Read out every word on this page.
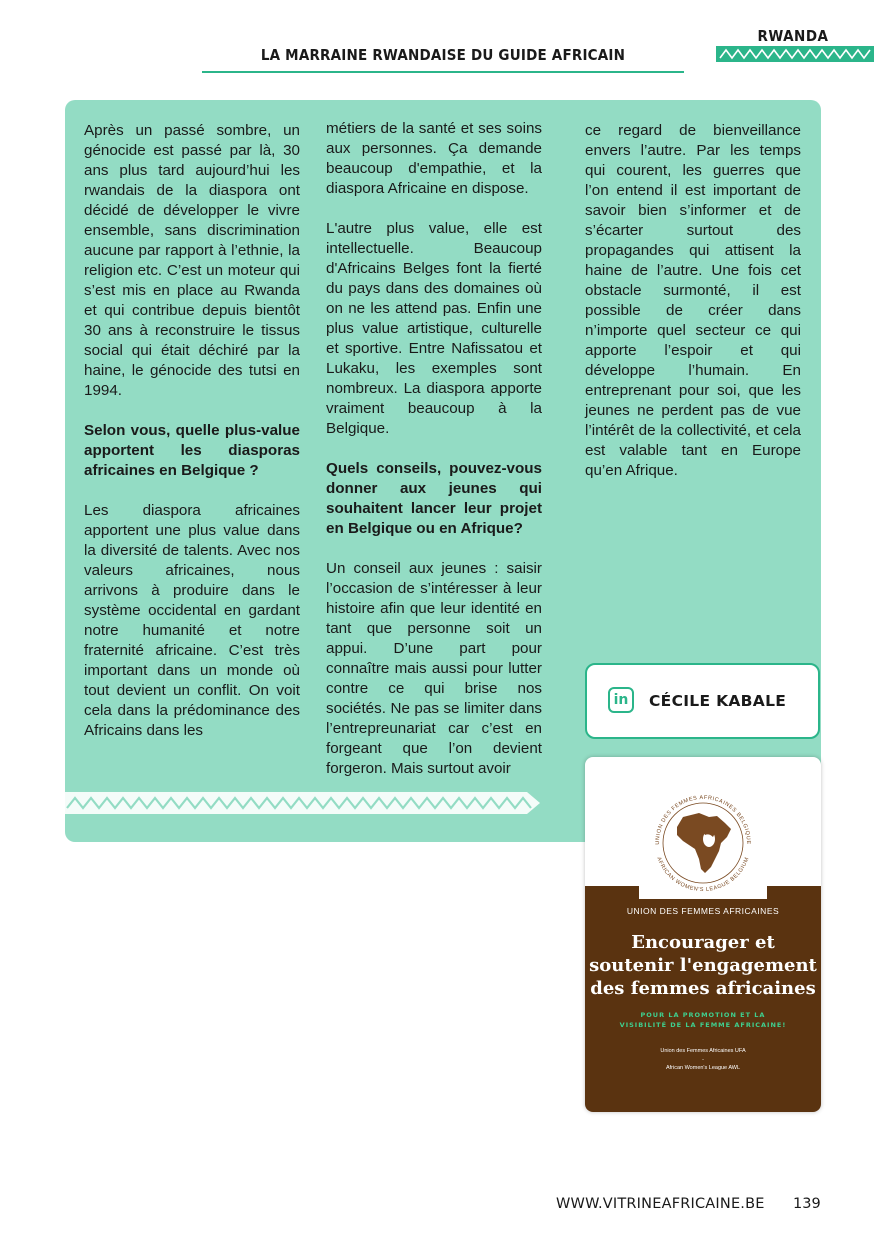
LA MARRAINE RWANDAISE DU GUIDE AFRICAIN
RWANDA

Après un passé sombre, un génocide est passé par là, 30 ans plus tard aujourd’hui les rwandais de la diaspora ont décidé de développer le vivre ensemble, sans discrimination aucune par rapport à l’ethnie, la religion etc. C’est un moteur qui s’est mis en place au Rwanda et qui contribue depuis bientôt 30 ans à reconstruire le tissus social qui était déchiré par la haine, le génocide des tutsi en 1994.

Selon vous, quelle plus-value apportent les diasporas africaines en Belgique ?

Les diaspora africaines apportent une plus value dans la diversité de talents. Avec nos valeurs africaines, nous arrivons à produire dans le système occidental en gardant notre humanité et notre fraternité africaine. C’est très important dans un monde où tout devient un conflit. On voit cela dans la prédominance des Africains dans les

métiers de la santé et ses soins aux personnes. Ça demande beaucoup d'empathie, et la diaspora Africaine en dispose.

L'autre plus value, elle est intellectuelle. Beaucoup d'Africains Belges font la fierté du pays dans des domaines où on ne les attend pas. Enfin une plus value artistique, culturelle et sportive. Entre Nafissatou et Lukaku, les exemples sont nombreux. La diaspora apporte vraiment beaucoup à la Belgique.

Quels conseils, pouvez-vous donner aux jeunes qui souhaitent lancer leur projet en Belgique ou en Afrique?

Un conseil aux jeunes : saisir l’occasion de s’intéresser à leur histoire afin que leur identité en tant que personne soit un appui. D’une part pour connaître mais aussi pour lutter contre ce qui brise nos sociétés. Ne pas se limiter dans l’entrepreunariat car c’est en forgeant que l’on devient forgeron. Mais surtout avoir

ce regard de bienveillance envers l’autre. Par les temps qui courent, les guerres que l’on entend il est important de savoir bien s’informer et de s’écarter surtout des propagandes qui attisent la haine de l’autre. Une fois cet obstacle surmonté, il est possible de créer dans n’importe quel secteur ce qui apporte l’espoir et qui développe l’humain. En entreprenant pour soi, que les jeunes ne perdent pas de vue l’intérêt de la collectivité, et cela est valable tant en Europe qu’en Afrique.

in	CÉCILE KABALE
UNION DES FEMMES AFRICAINES BELGIQUE
AFRICAN WOMEN'S LEAGUE BELGIUM
UNION DES FEMMES AFRICAINES
Encourager et
soutenir l'engagement
des femmes africaines
POUR LA PROMOTION ET LA
VISIBILITÉ DE LA FEMME AFRICAINE!
Union des Femmes Africaines UFA
-
African Women's League AWL
WWW.VITRINEAFRICAINE.BE 139
